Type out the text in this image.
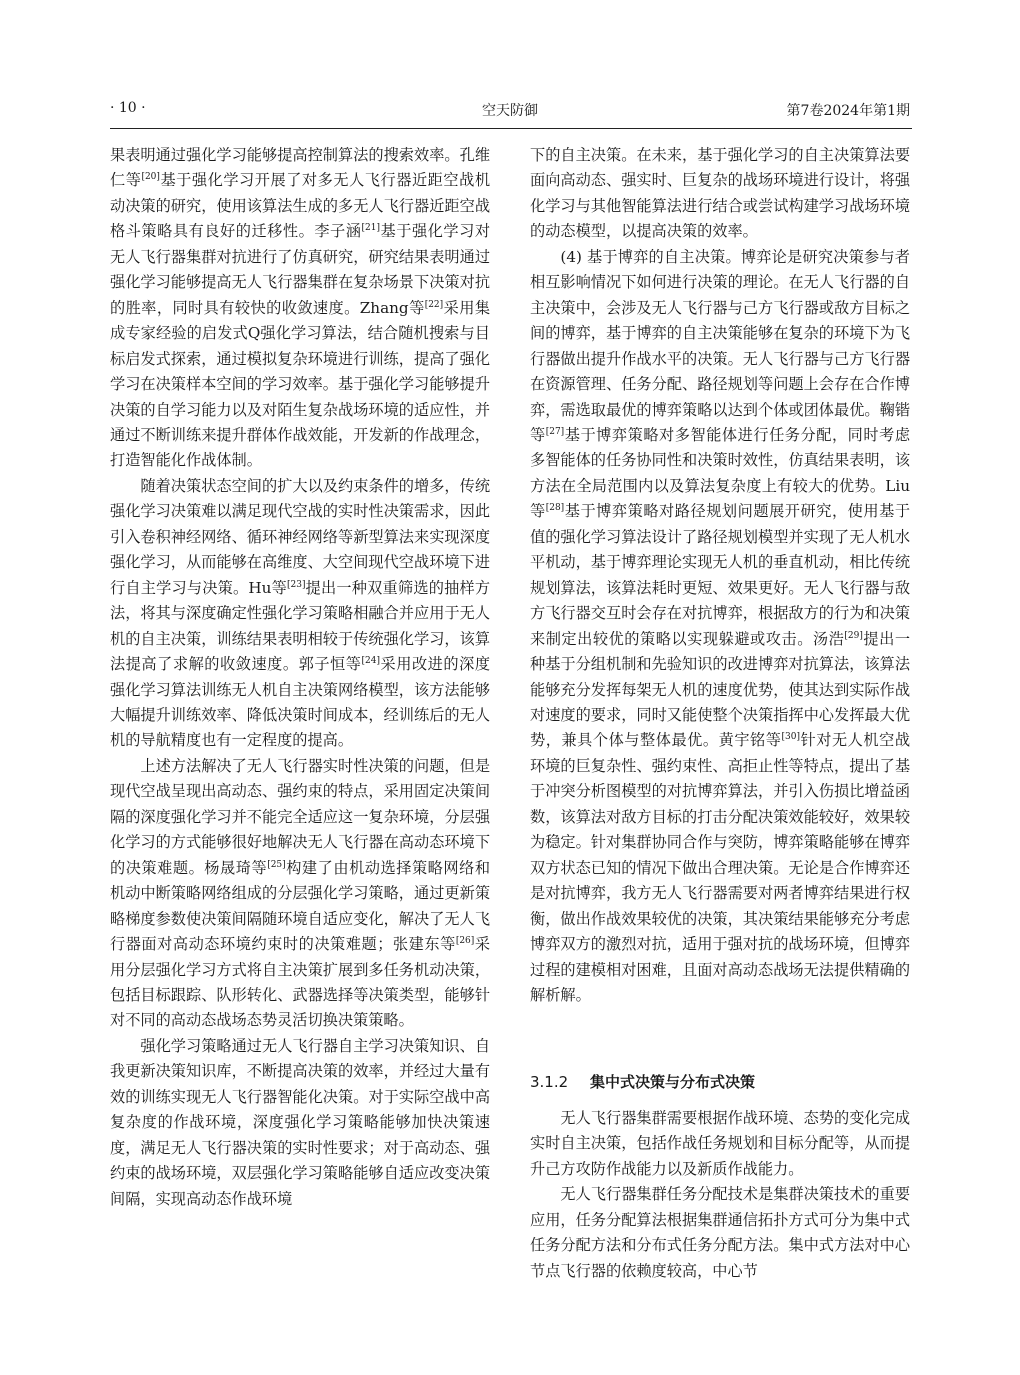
· 10 ·	空天防御	第7卷2024年第1期

果表明通过强化学习能够提高控制算法的搜索效率。孔维仁等[20]基于强化学习开展了对多无人飞行器近距空战机动决策的研究，使用该算法生成的多无人飞行器近距空战格斗策略具有良好的迁移性。李子涵[21]基于强化学习对无人飞行器集群对抗进行了仿真研究，研究结果表明通过强化学习能够提高无人飞行器集群在复杂场景下决策对抗的胜率，同时具有较快的收敛速度。Zhang等[22]采用集成专家经验的启发式Q强化学习算法，结合随机搜索与目标启发式探索，通过模拟复杂环境进行训练，提高了强化学习在决策样本空间的学习效率。基于强化学习能够提升决策的自学习能力以及对陌生复杂战场环境的适应性，并通过不断训练来提升群体作战效能，开发新的作战理念，打造智能化作战体制。

随着决策状态空间的扩大以及约束条件的增多，传统强化学习决策难以满足现代空战的实时性决策需求，因此引入卷积神经网络、循环神经网络等新型算法来实现深度强化学习，从而能够在高维度、大空间现代空战环境下进行自主学习与决策。Hu等[23]提出一种双重筛选的抽样方法，将其与深度确定性强化学习策略相融合并应用于无人机的自主决策，训练结果表明相较于传统强化学习，该算法提高了求解的收敛速度。郭子恒等[24]采用改进的深度强化学习算法训练无人机自主决策网络模型，该方法能够大幅提升训练效率、降低决策时间成本，经训练后的无人机的导航精度也有一定程度的提高。

上述方法解决了无人飞行器实时性决策的问题，但是现代空战呈现出高动态、强约束的特点，采用固定决策间隔的深度强化学习并不能完全适应这一复杂环境，分层强化学习的方式能够很好地解决无人飞行器在高动态环境下的决策难题。杨晟琦等[25]构建了由机动选择策略网络和机动中断策略网络组成的分层强化学习策略，通过更新策略梯度参数使决策间隔随环境自适应变化，解决了无人飞行器面对高动态环境约束时的决策难题；张建东等[26]采用分层强化学习方式将自主决策扩展到多任务机动决策，包括目标跟踪、队形转化、武器选择等决策类型，能够针对不同的高动态战场态势灵活切换决策策略。

强化学习策略通过无人飞行器自主学习决策知识、自我更新决策知识库，不断提高决策的效率，并经过大量有效的训练实现无人飞行器智能化决策。对于实际空战中高复杂度的作战环境，深度强化学习策略能够加快决策速度，满足无人飞行器决策的实时性要求；对于高动态、强约束的战场环境，双层强化学习策略能够自适应改变决策间隔，实现高动态作战环境

下的自主决策。在未来，基于强化学习的自主决策算法要面向高动态、强实时、巨复杂的战场环境进行设计，将强化学习与其他智能算法进行结合或尝试构建学习战场环境的动态模型，以提高决策的效率。

(4) 基于博弈的自主决策。博弈论是研究决策参与者相互影响情况下如何进行决策的理论。在无人飞行器的自主决策中，会涉及无人飞行器与己方飞行器或敌方目标之间的博弈，基于博弈的自主决策能够在复杂的环境下为飞行器做出提升作战水平的决策。无人飞行器与己方飞行器在资源管理、任务分配、路径规划等问题上会存在合作博弈，需选取最优的博弈策略以达到个体或团体最优。鞠锴等[27]基于博弈策略对多智能体进行任务分配，同时考虑多智能体的任务协同性和决策时效性，仿真结果表明，该方法在全局范围内以及算法复杂度上有较大的优势。Liu等[28]基于博弈策略对路径规划问题展开研究，使用基于值的强化学习算法设计了路径规划模型并实现了无人机水平机动，基于博弈理论实现无人机的垂直机动，相比传统规划算法，该算法耗时更短、效果更好。无人飞行器与敌方飞行器交互时会存在对抗博弈，根据敌方的行为和决策来制定出较优的策略以实现躲避或攻击。汤浩[29]提出一种基于分组机制和先验知识的改进博弈对抗算法，该算法能够充分发挥每架无人机的速度优势，使其达到实际作战对速度的要求，同时又能使整个决策指挥中心发挥最大优势，兼具个体与整体最优。黄宇铭等[30]针对无人机空战环境的巨复杂性、强约束性、高拒止性等特点，提出了基于冲突分析图模型的对抗博弈算法，并引入伤损比增益函数，该算法对敌方目标的打击分配决策效能较好，效果较为稳定。针对集群协同合作与突防，博弈策略能够在博弈双方状态已知的情况下做出合理决策。无论是合作博弈还是对抗博弈，我方无人飞行器需要对两者博弈结果进行权衡，做出作战效果较优的决策，其决策结果能够充分考虑博弈双方的激烈对抗，适用于强对抗的战场环境，但博弈过程的建模相对困难，且面对高动态战场无法提供精确的解析解。

3.1.2 集中式决策与分布式决策

无人飞行器集群需要根据作战环境、态势的变化完成实时自主决策，包括作战任务规划和目标分配等，从而提升己方攻防作战能力以及新质作战能力。

无人飞行器集群任务分配技术是集群决策技术的重要应用，任务分配算法根据集群通信拓扑方式可分为集中式任务分配方法和分布式任务分配方法。集中式方法对中心节点飞行器的依赖度较高，中心节
